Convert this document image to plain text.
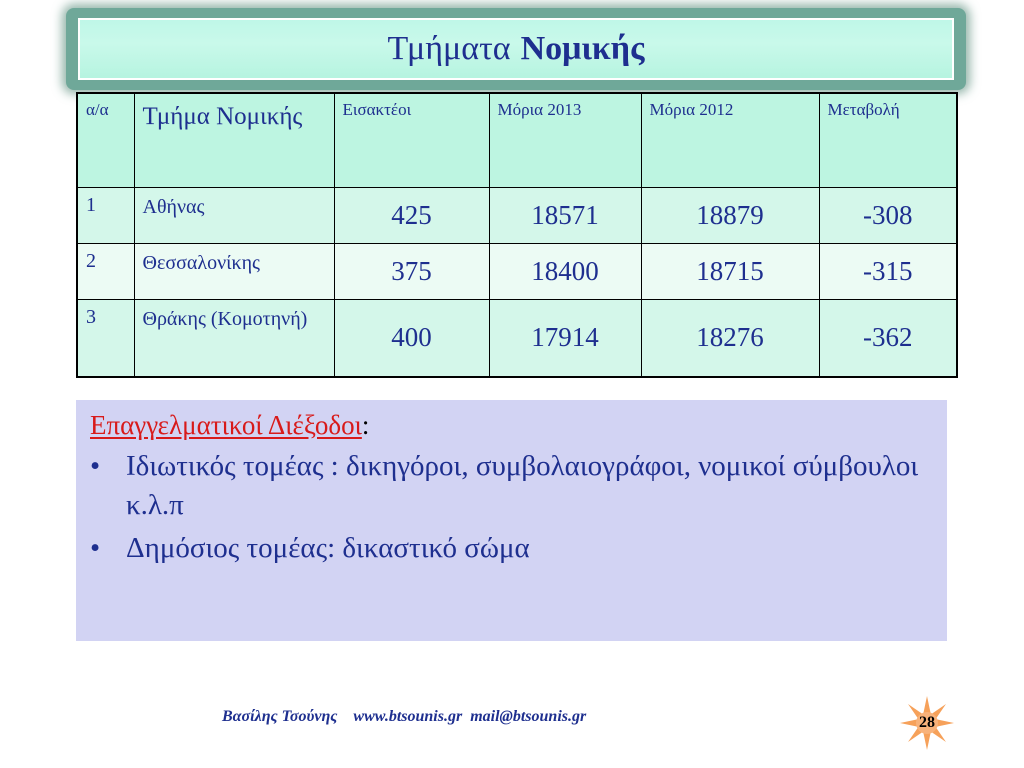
Τμήματα Νομικής
α/α	Τμήμα Νομικής	Εισακτέοι	Μόρια 2013	Μόρια 2012	Μεταβολή
1	Αθήνας	425	18571	18879	-308
2	Θεσσαλονίκης	375	18400	18715	-315
3	Θράκης (Κομοτηνή)	400	17914	18276	-362
Επαγγελματικοί Διέξοδοι:
• Ιδιωτικός τομέας : δικηγόροι, συμβολαιογράφοι, νομικοί σύμβουλοι κ.λ.π
• Δημόσιος τομέας: δικαστικό σώμα
Βασίλης Τσούνης    www.btsounis.gr  mail@btsounis.gr	28
